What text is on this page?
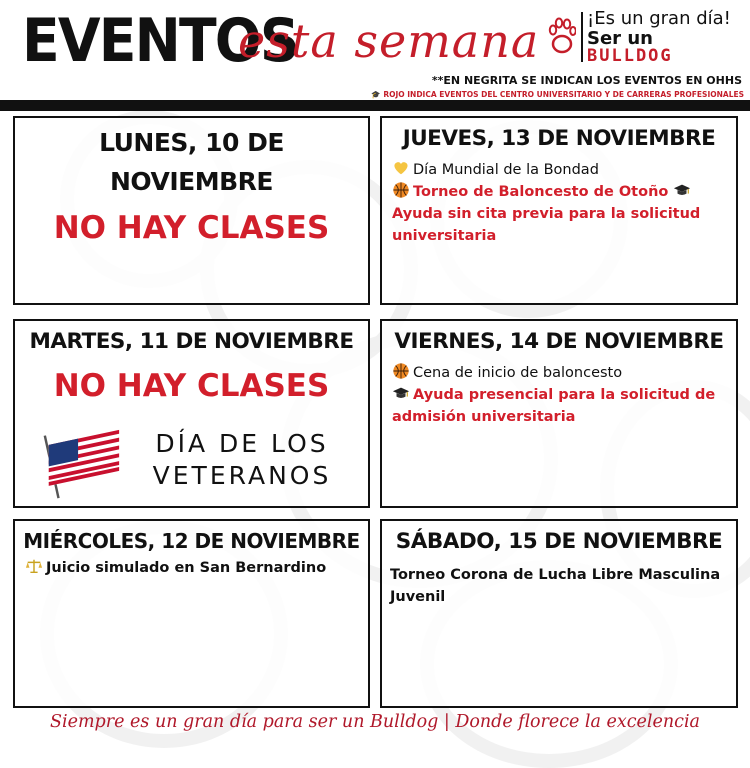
EVENTOS
esta semana	¡Es un gran día!
Ser un
BULLDOG
**EN NEGRITA SE INDICAN LOS EVENTOS EN OHHS
🎓 ROJO INDICA EVENTOS DEL CENTRO UNIVERSITARIO Y DE CARRERAS PROFESIONALES
LUNES, 10 DE
NOVIEMBRE
NO HAY CLASES
JUEVES, 13 DE NOVIEMBRE
Día Mundial de la Bondad
Torneo de Baloncesto de Otoño
Ayuda sin cita previa para la solicitud universitaria
MARTES, 11 DE NOVIEMBRE
NO HAY CLASES
DÍA DE LOS
VETERANOS
VIERNES, 14 DE NOVIEMBRE
Cena de inicio de baloncesto
Ayuda presencial para la solicitud de admisión universitaria
MIÉRCOLES, 12 DE NOVIEMBRE
Juicio simulado en San Bernardino
SÁBADO, 15 DE NOVIEMBRE
Torneo Corona de Lucha Libre Masculina Juvenil
Siempre es un gran día para ser un Bulldog | Donde florece la excelencia
